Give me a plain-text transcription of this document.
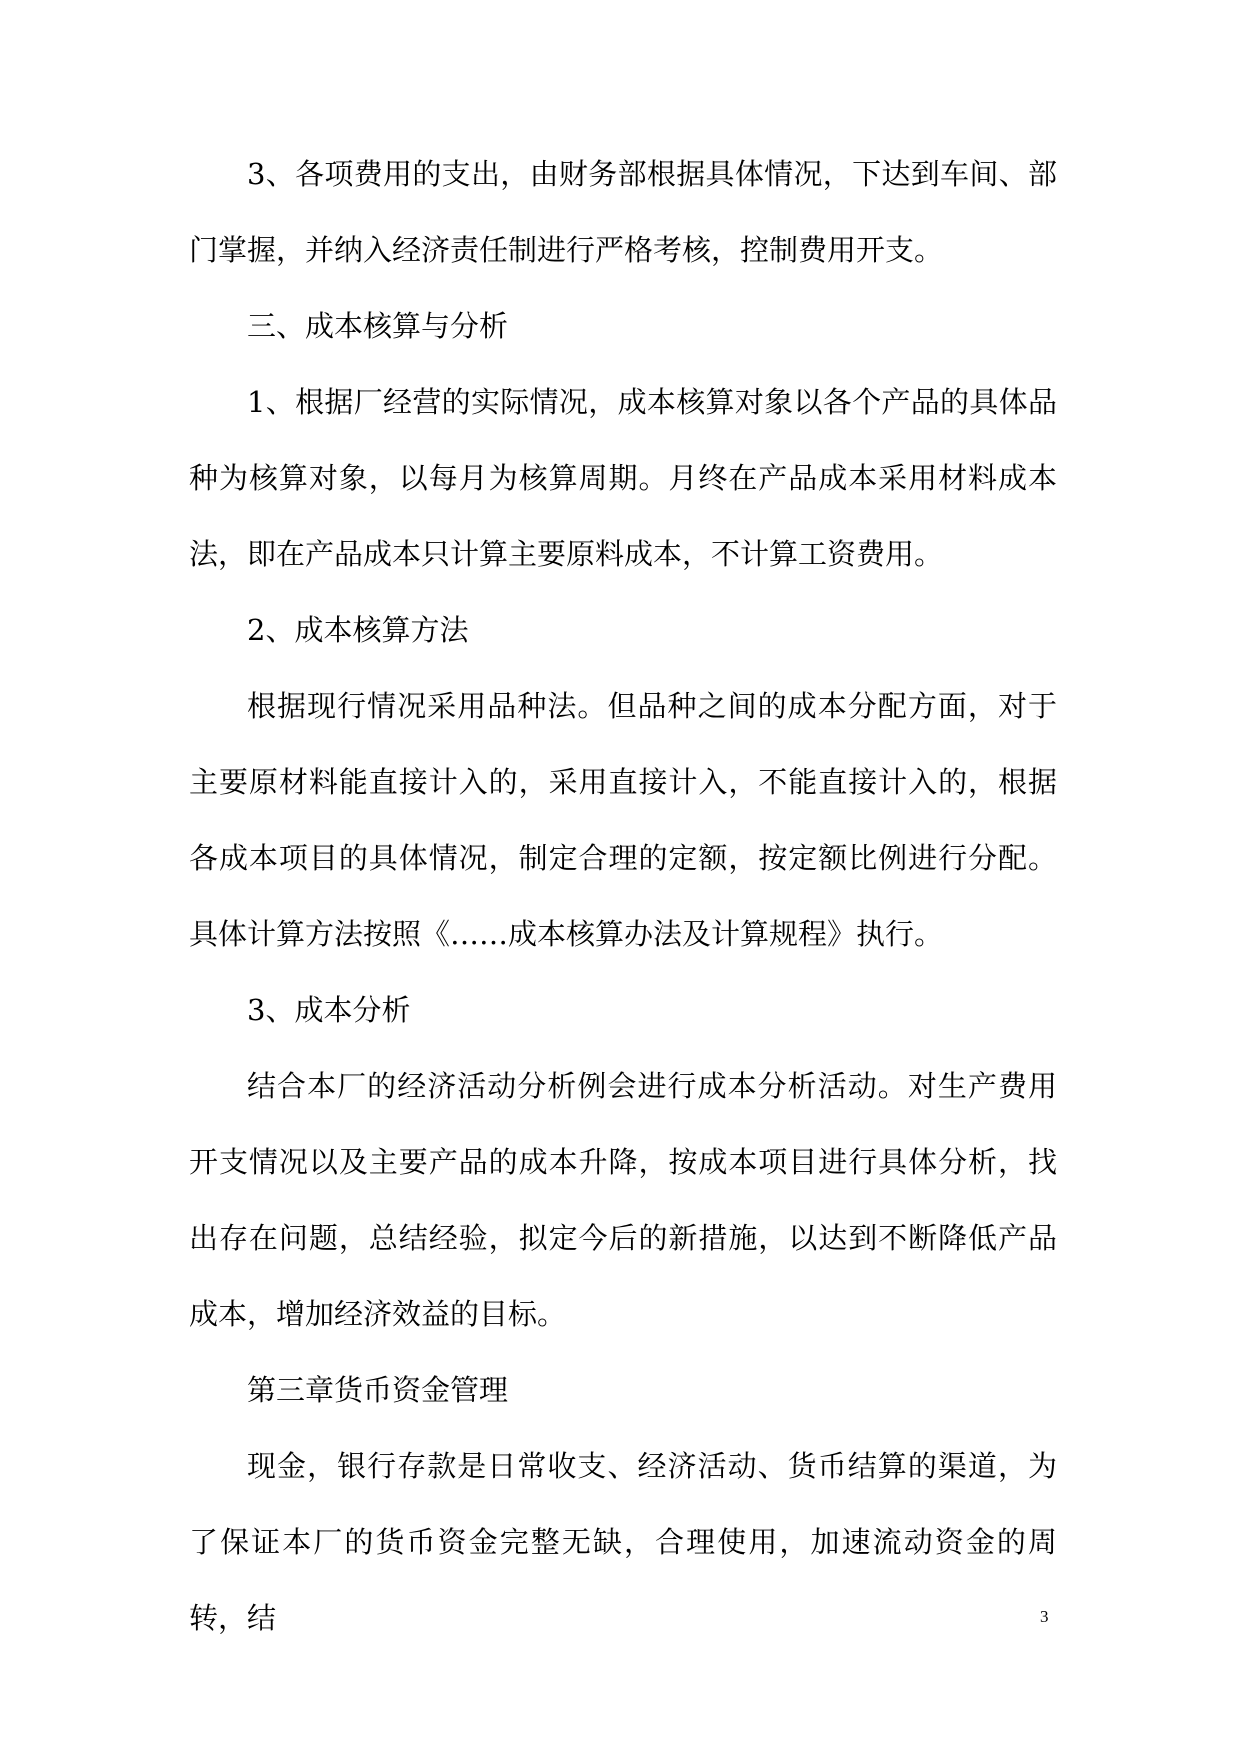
3、各项费用的支出，由财务部根据具体情况，下达到车间、部门掌握，并纳入经济责任制进行严格考核，控制费用开支。

三、成本核算与分析

1、根据厂经营的实际情况，成本核算对象以各个产品的具体品种为核算对象，以每月为核算周期。月终在产品成本采用材料成本法，即在产品成本只计算主要原料成本，不计算工资费用。

2、成本核算方法

根据现行情况采用品种法。但品种之间的成本分配方面，对于主要原材料能直接计入的，采用直接计入，不能直接计入的，根据各成本项目的具体情况，制定合理的定额，按定额比例进行分配。具体计算方法按照《……成本核算办法及计算规程》执行。

3、成本分析

结合本厂的经济活动分析例会进行成本分析活动。对生产费用开支情况以及主要产品的成本升降，按成本项目进行具体分析，找出存在问题，总结经验，拟定今后的新措施，以达到不断降低产品成本，增加经济效益的目标。

第三章货币资金管理

现金，银行存款是日常收支、经济活动、货币结算的渠道，为了保证本厂的货币资金完整无缺，合理使用，加速流动资金的周转，结	3
